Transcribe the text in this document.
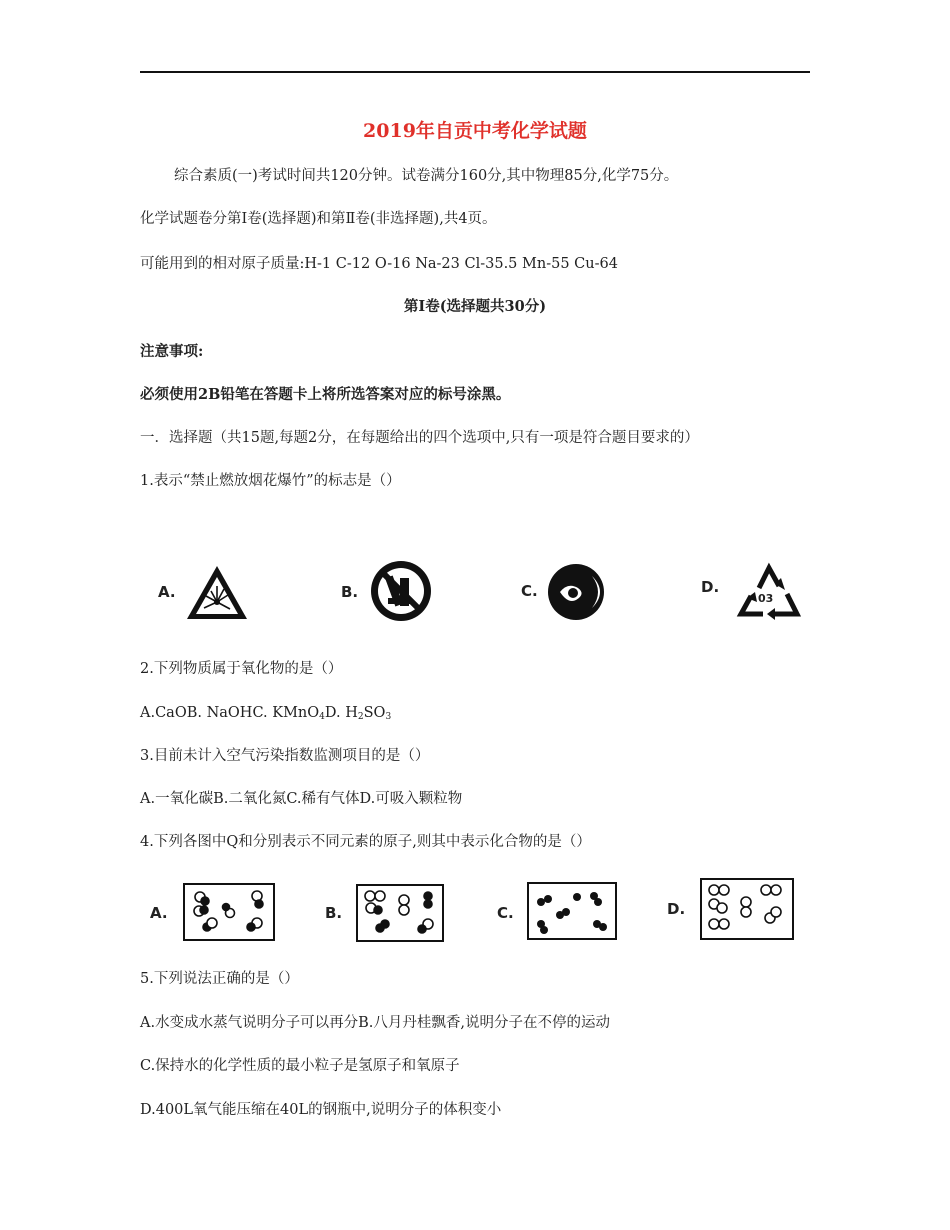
2019年自贡中考化学试题
综合素质(一)考试时间共120分钟。试卷满分160分,其中物理85分,化学75分。
化学试题卷分第Ⅰ卷(选择题)和第Ⅱ卷(非选择题),共4页。
可能用到的相对原子质量:H-1 C-12 O-16 Na-23 Cl-35.5 Mn-55 Cu-64
第Ⅰ卷(选择题共30分)
注意事项:
必须使用2B铅笔在答题卡上将所选答案对应的标号涂黑。
一．选择题（共15题,每题2分，在每题给出的四个选项中,只有一项是符合题目要求的）
1.表示“禁止燃放烟花爆竹”的标志是（）
A.	B.	C.	D.
03
2.下列物质属于氧化物的是（）
A.CaOB. NaOHC. KMnO$_4$D. $H_2SO_3$
3.目前未计入空气污染指数监测项目的是（）
A.一氧化碳B.二氧化氮C.稀有气体D.可吸入颗粒物
4.下列各图中Q和分别表示不同元素的原子,则其中表示化合物的是（）
A.	B.	C.	D.
5.下列说法正确的是（）
A.水变成水蒸气说明分子可以再分B.八月丹桂飘香,说明分子在不停的运动
C.保持水的化学性质的最小粒子是氢原子和氧原子
D.400L氧气能压缩在40L的钢瓶中,说明分子的体积变小
